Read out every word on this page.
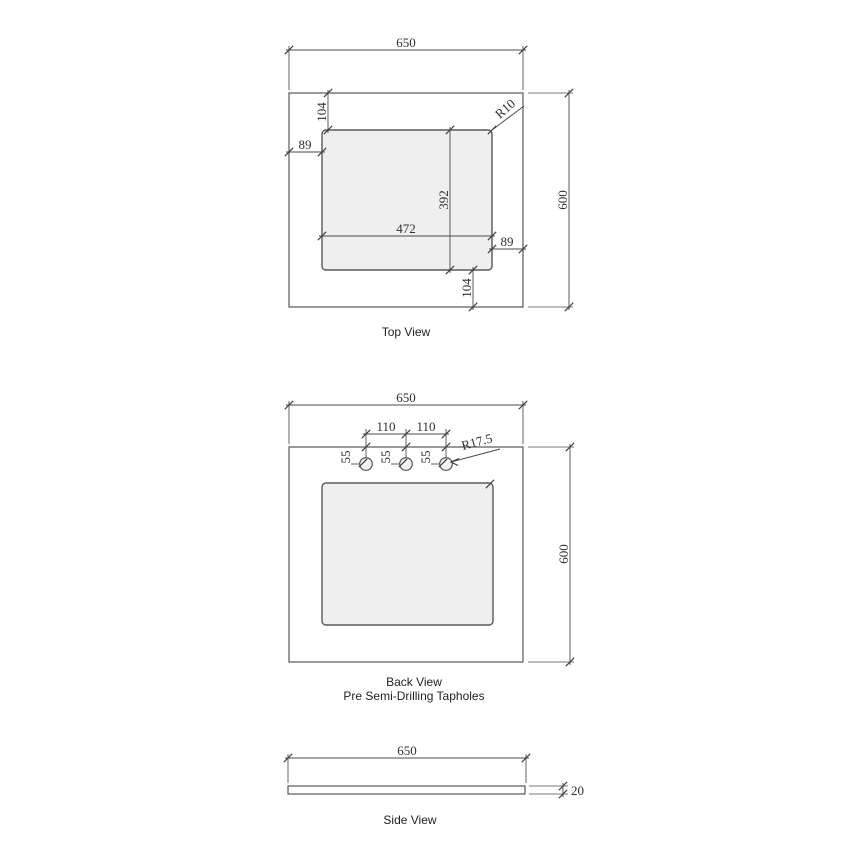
650
600
104
89
472
392
89
104
R10
Top View
650
600
110 110
55 55 55
R17.5
Back View
Pre Semi-Drilling Tapholes
650
20
Side View
